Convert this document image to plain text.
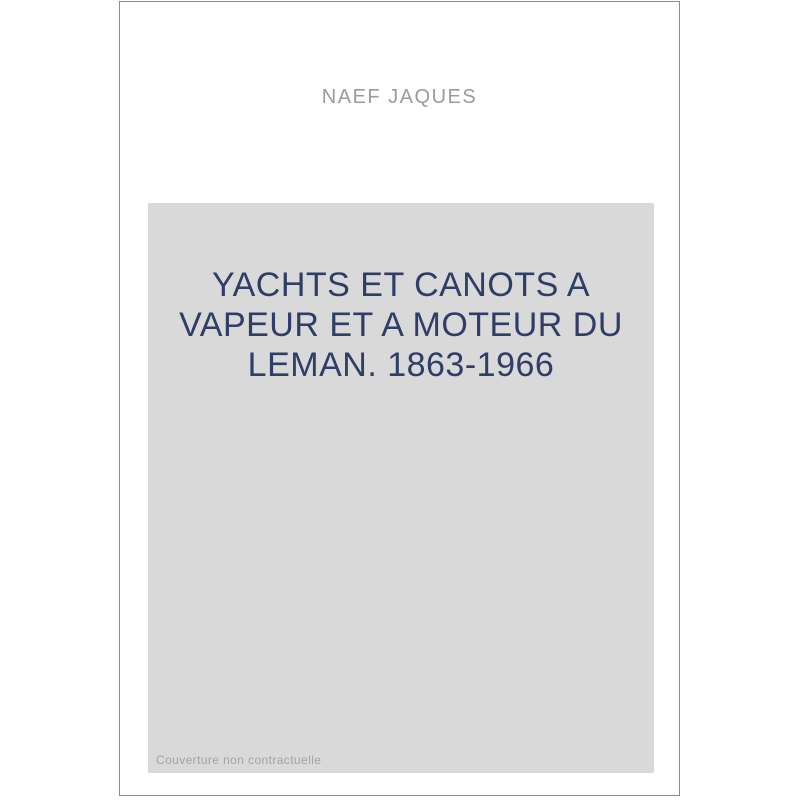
NAEF JAQUES
YACHTS ET CANOTS A
VAPEUR ET A MOTEUR DU
LEMAN. 1863-1966
Couverture non contractuelle
